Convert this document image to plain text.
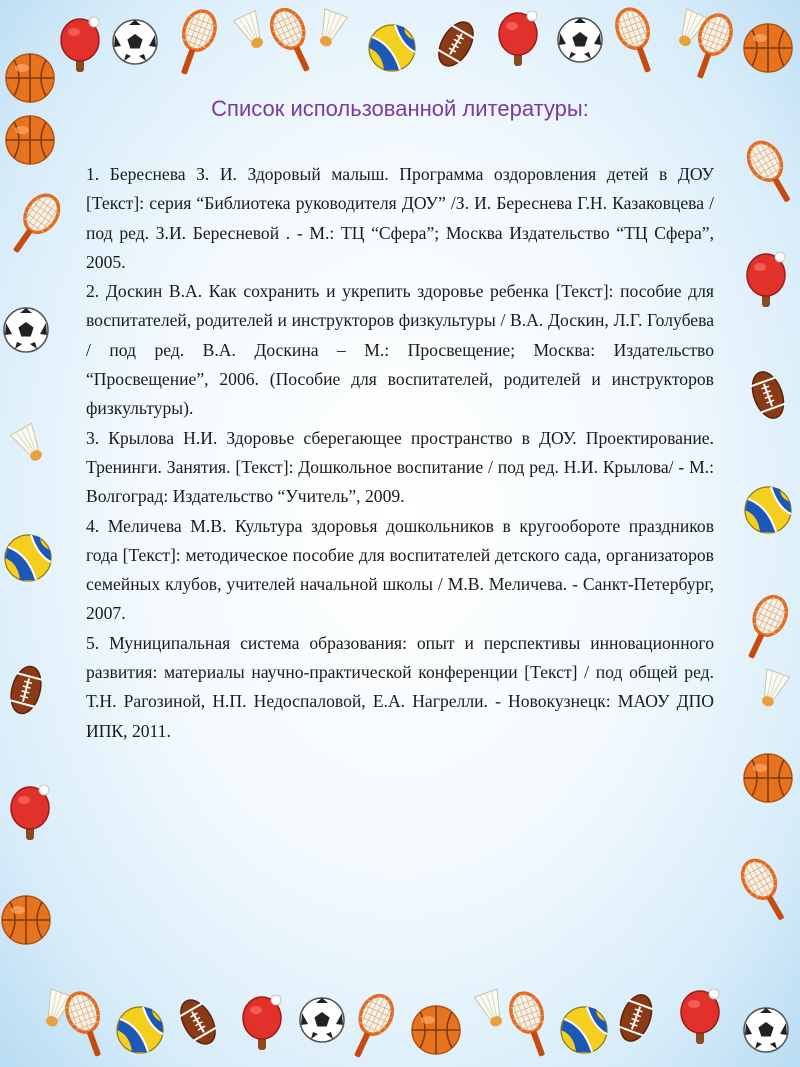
Список использованной литературы:

1. Береснева З. И. Здоровый малыш. Программа оздоровления детей в ДОУ [Текст]: серия “Библиотека руководителя ДОУ” /З. И. Береснева Г.Н. Казаковцева / под ред. З.И. Бересневой . - М.: ТЦ “Сфера”; Москва Издательство “ТЦ Сфера”, 2005.

2. Доскин В.А. Как сохранить и укрепить здоровье ребенка [Текст]: пособие для воспитателей, родителей и инструкторов физкультуры / В.А. Доскин, Л.Г. Голубева / под ред. В.А. Доскина – М.: Просвещение; Москва: Издательство “Просвещение”, 2006. (Пособие для воспитателей, родителей и инструкторов физкультуры).

3. Крылова Н.И. Здоровье сберегающее пространство в ДОУ. Проектирование. Тренинги. Занятия. [Текст]: Дошкольное воспитание / под ред. Н.И. Крылова/ - М.: Волгоград: Издательство “Учитель”, 2009.

4. Меличева М.В. Культура здоровья дошкольников в кругообороте праздников года [Текст]: методическое пособие для воспитателей детского сада, организаторов семейных клубов, учителей начальной школы / М.В. Меличева. - Санкт-Петербург, 2007.

5. Муниципальная система образования: опыт и перспективы инновационного развития: материалы научно-практической конференции [Текст] / под общей ред. Т.Н. Рагозиной, Н.П. Недоспаловой, Е.А. Нагрелли. - Новокузнецк: МАОУ ДПО ИПК, 2011.
